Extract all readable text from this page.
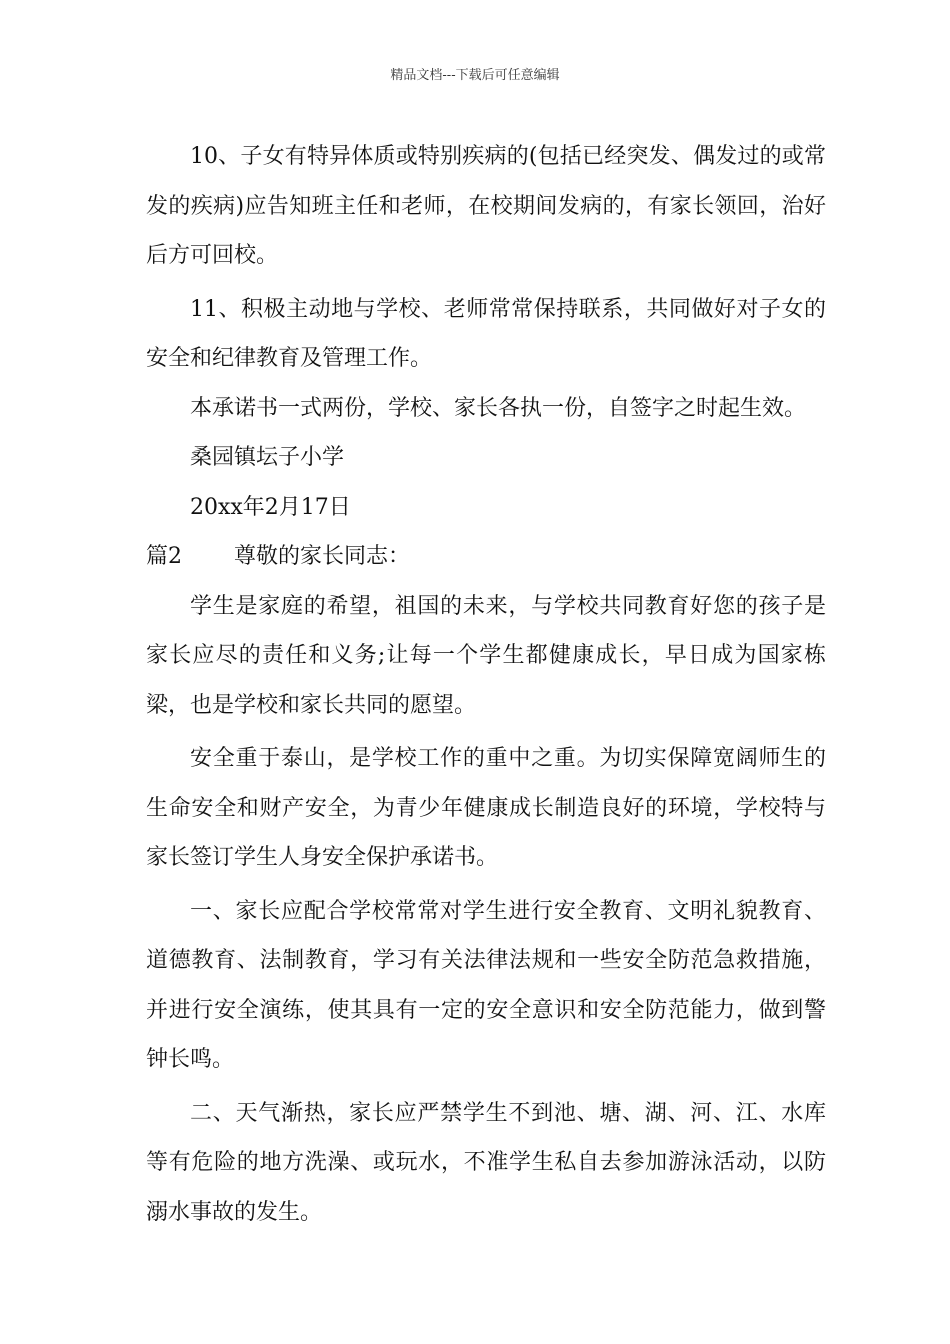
精品文档---下载后可任意编辑

10、子女有特异体质或特别疾病的(包括已经突发、偶发过的或常发的疾病)应告知班主任和老师，在校期间发病的，有家长领回，治好后方可回校。

11、积极主动地与学校、老师常常保持联系，共同做好对子女的安全和纪律教育及管理工作。

本承诺书一式两份，学校、家长各执一份，自签字之时起生效。

桑园镇坛子小学

20xx年2月17日

篇2 尊敬的家长同志：

学生是家庭的希望，祖国的未来，与学校共同教育好您的孩子是家长应尽的责任和义务;让每一个学生都健康成长，早日成为国家栋梁，也是学校和家长共同的愿望。

安全重于泰山，是学校工作的重中之重。为切实保障宽阔师生的生命安全和财产安全，为青少年健康成长制造良好的环境，学校特与家长签订学生人身安全保护承诺书。

一、家长应配合学校常常对学生进行安全教育、文明礼貌教育、道德教育、法制教育，学习有关法律法规和一些安全防范急救措施，并进行安全演练，使其具有一定的安全意识和安全防范能力，做到警钟长鸣。

二、天气渐热，家长应严禁学生不到池、塘、湖、河、江、水库等有危险的地方洗澡、或玩水，不准学生私自去参加游泳活动，以防溺水事故的发生。
